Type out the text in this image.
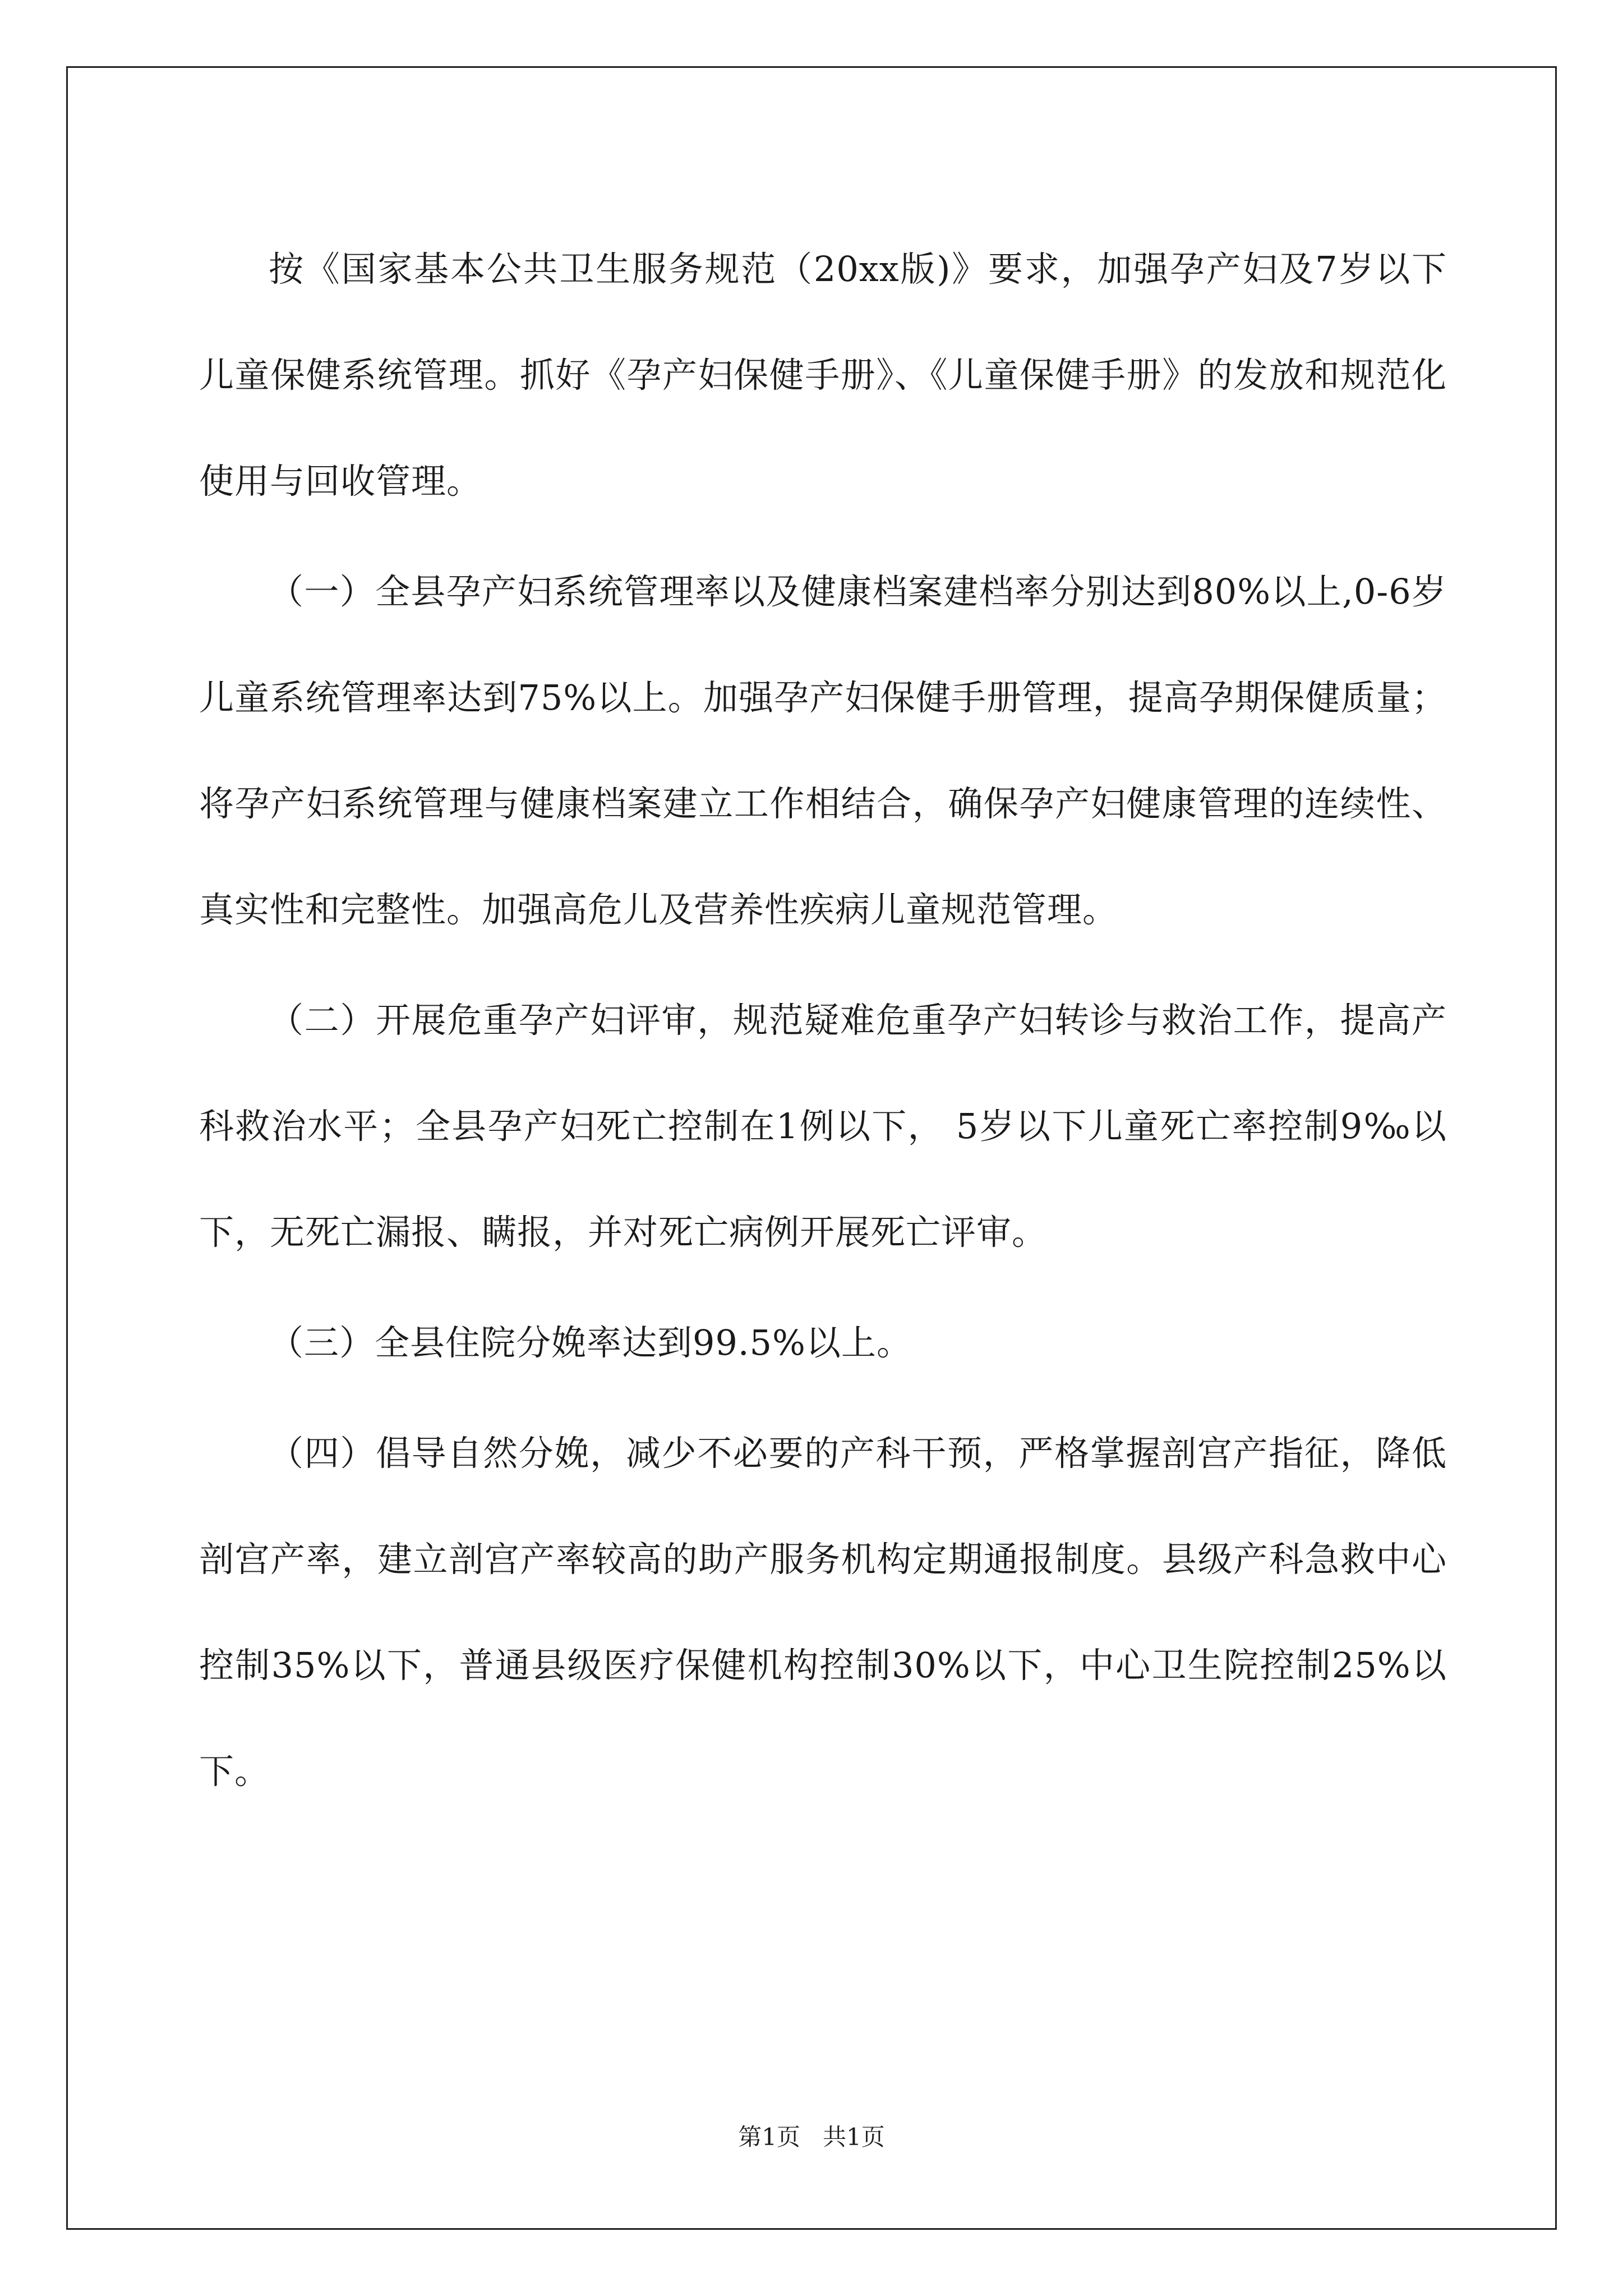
按《国家基本公共卫生服务规范（20xx版)》要求，加强孕产妇及7岁以下儿童保健系统管理。抓好《孕产妇保健手册》、《儿童保健手册》的发放和规范化使用与回收管理。

（一）全县孕产妇系统管理率以及健康档案建档率分别达到80%以上,0-6岁儿童系统管理率达到75%以上。加强孕产妇保健手册管理，提高孕期保健质量；将孕产妇系统管理与健康档案建立工作相结合，确保孕产妇健康管理的连续性、真实性和完整性。加强高危儿及营养性疾病儿童规范管理。

（二）开展危重孕产妇评审，规范疑难危重孕产妇转诊与救治工作，提高产科救治水平；全县孕产妇死亡控制在1例以下， 5岁以下儿童死亡率控制9‰以下，无死亡漏报、瞒报，并对死亡病例开展死亡评审。

（三）全县住院分娩率达到99.5%以上。

（四）倡导自然分娩，减少不必要的产科干预，严格掌握剖宫产指征，降低剖宫产率，建立剖宫产率较高的助产服务机构定期通报制度。县级产科急救中心控制35%以下，普通县级医疗保健机构控制30%以下，中心卫生院控制25%以下。

第1页 共1页
